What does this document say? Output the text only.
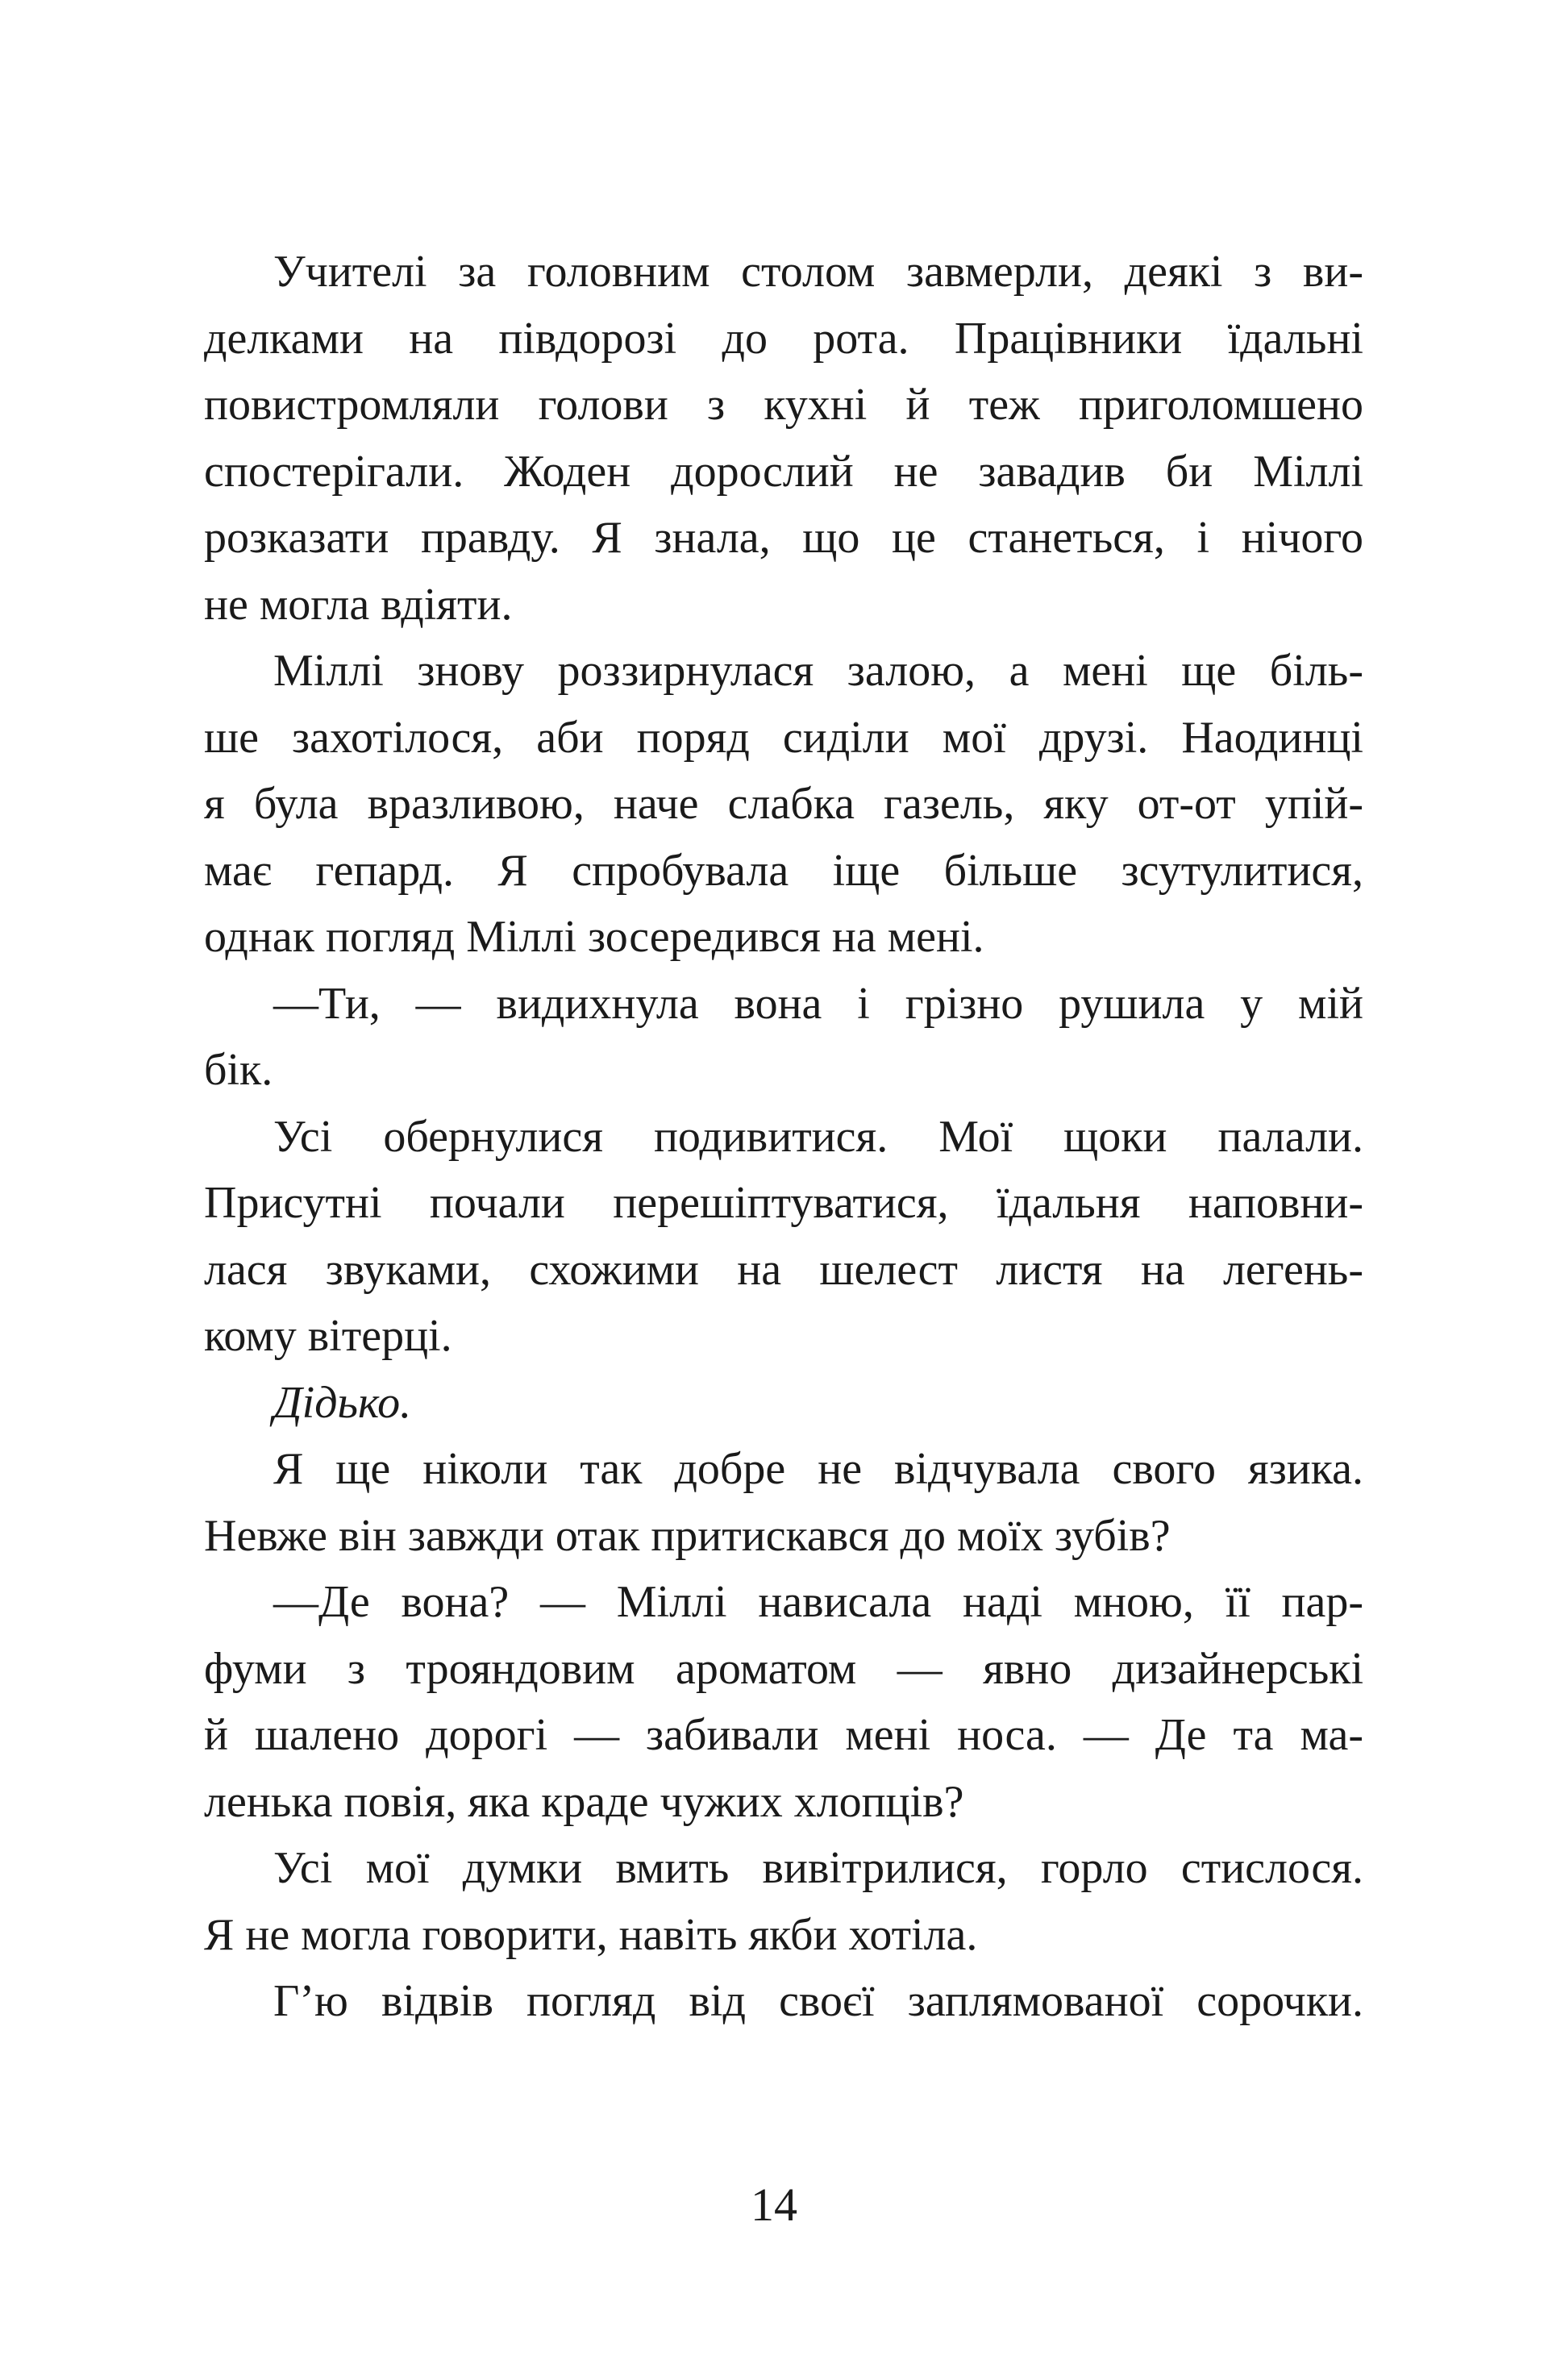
Учителі за головним столом завмерли, деякі з ви-
делками на півдорозі до рота. Працівники їдальні
повистромляли голови з кухні й теж приголомшено
спостерігали. Жоден дорослий не завадив би Міллі
розказати правду. Я знала, що це станеться, і нічого
не могла вдіяти.
Міллі знову роззирнулася залою, а мені ще біль-
ше захотілося, аби поряд сиділи мої друзі. Наодинці
я була вразливою, наче слабка газель, яку от-от упій-
має гепард. Я спробувала іще більше зсутулитися,
однак погляд Міллі зосередився на мені.
—Ти, — видихнула вона і грізно рушила у мій
бік.
Усі обернулися подивитися. Мої щоки палали.
Присутні почали перешіптуватися, їдальня наповни-
лася звуками, схожими на шелест листя на легень-
кому вітерці.
Дідько.
Я ще ніколи так добре не відчувала свого язика.
Невже він завжди отак притискався до моїх зубів?
—Де вона? — Міллі нависала наді мною, її пар-
фуми з трояндовим ароматом — явно дизайнерські
й шалено дорогі — забивали мені носа. — Де та ма-
ленька повія, яка краде чужих хлопців?
Усі мої думки вмить вивітрилися, горло стислося.
Я не могла говорити, навіть якби хотіла.
Г’ю відвів погляд від своєї заплямованої сорочки.
14
